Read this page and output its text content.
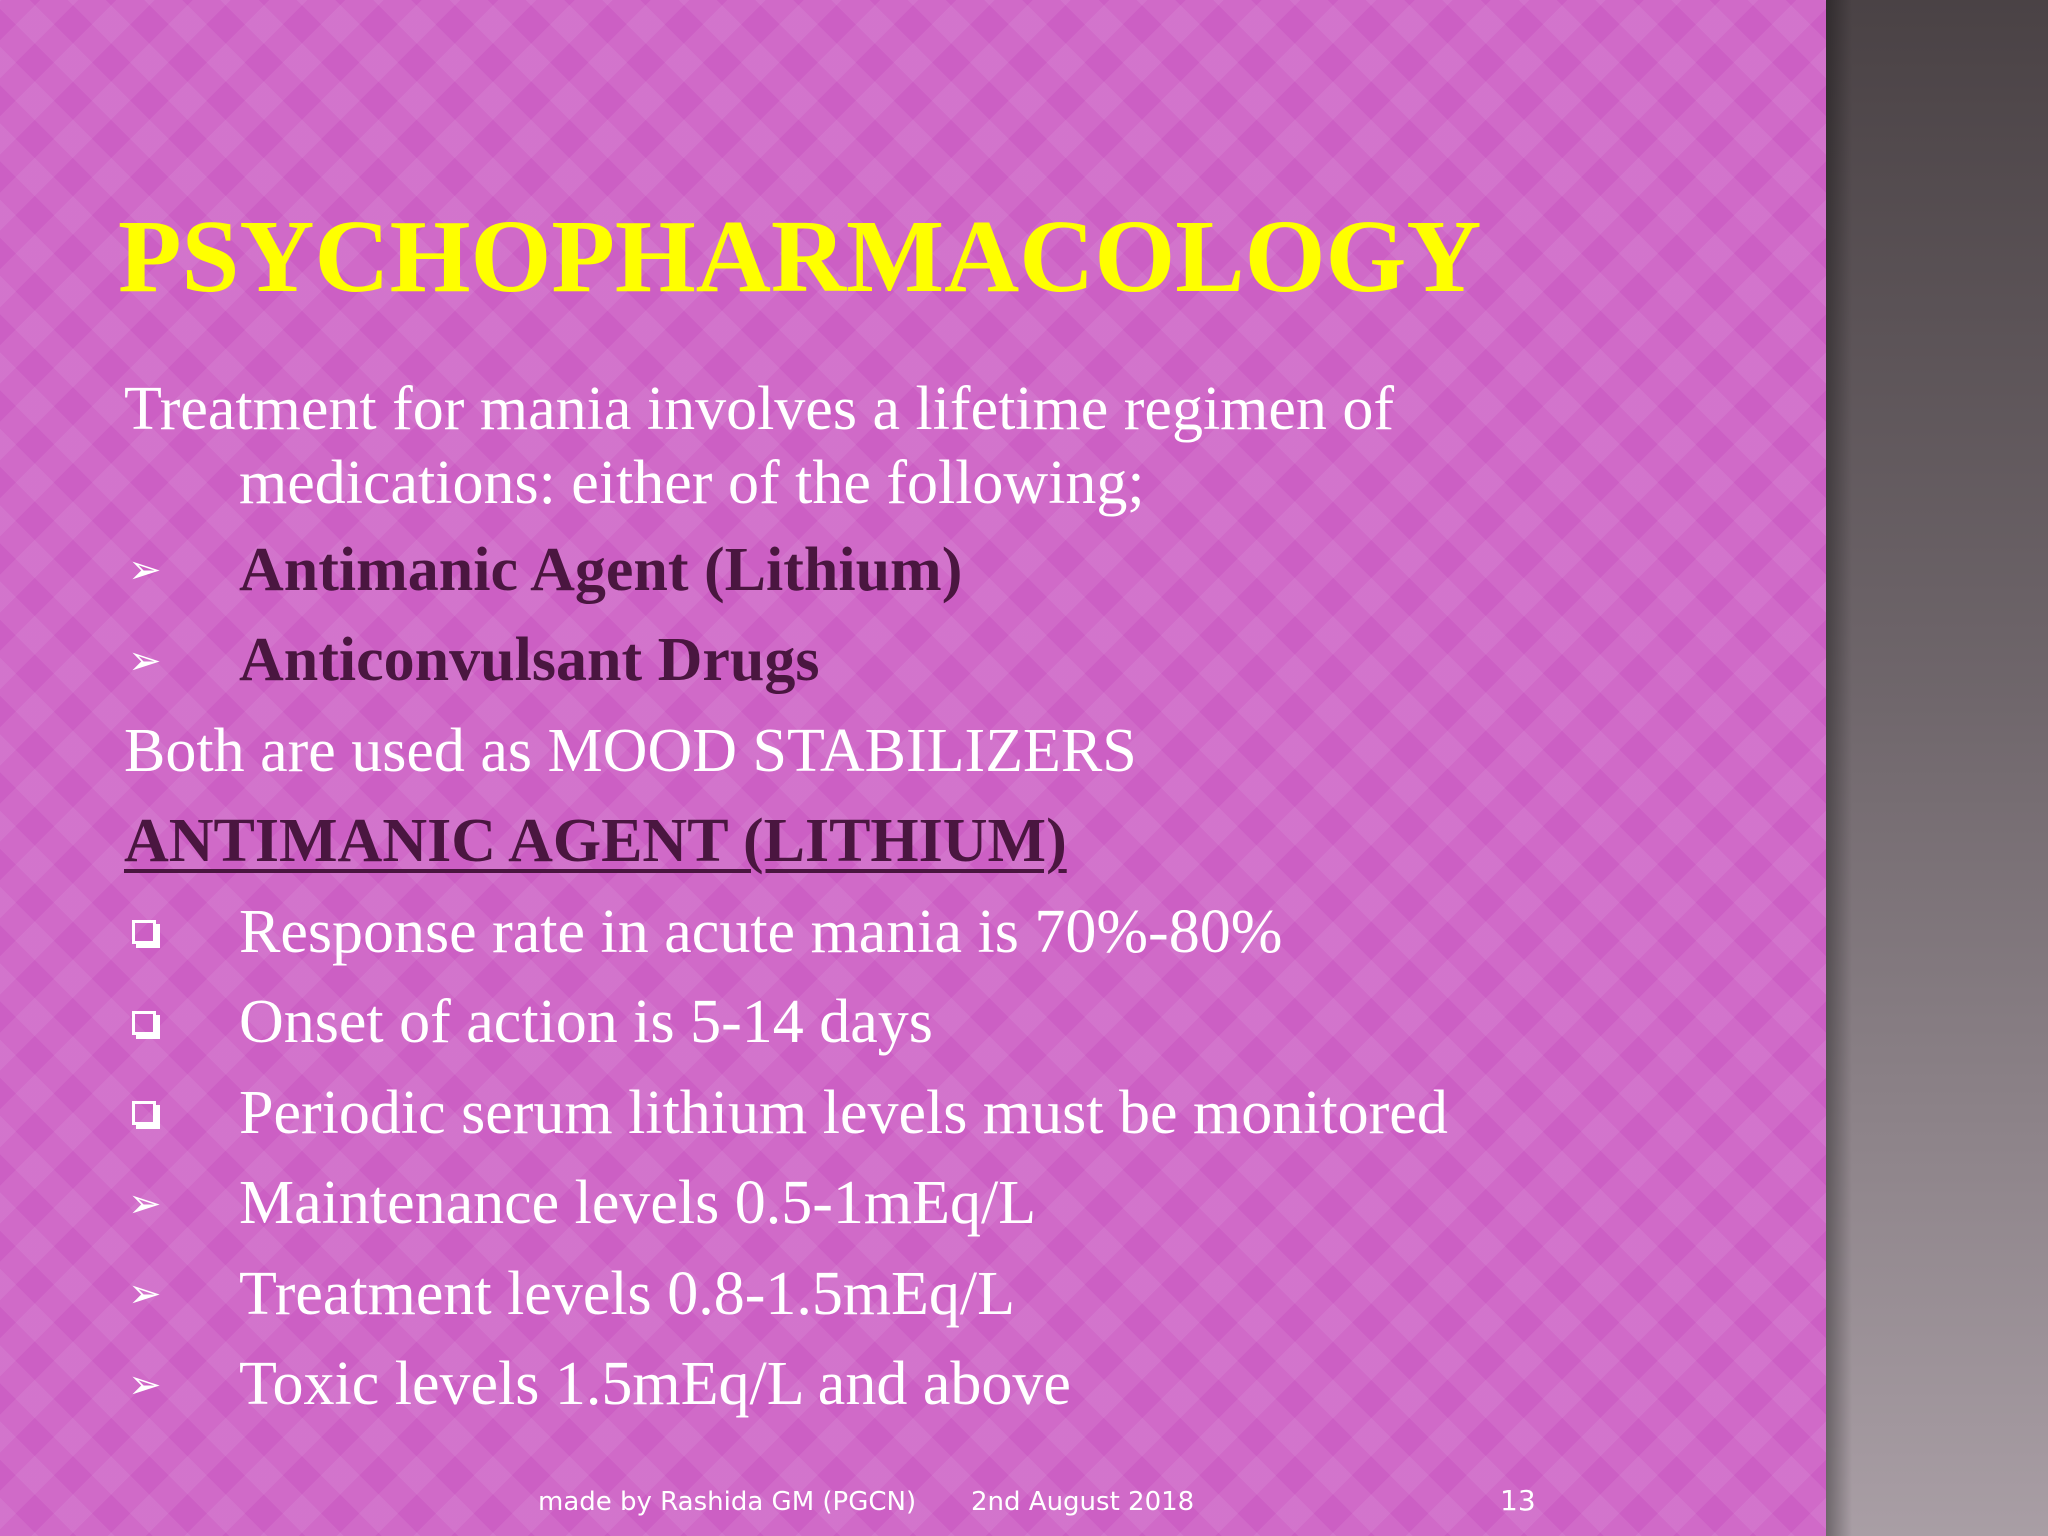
PSYCHOPHARMACOLOGY

Treatment for mania involves a lifetime regimen of medications: either of the following;

➢ Antimanic Agent (Lithium)
➢ Anticonvulsant Drugs
Both are used as MOOD STABILIZERS
ANTIMANIC AGENT (LITHIUM)
Response rate in acute mania is 70%-80%
Onset of action is 5-14 days
Periodic serum lithium levels must be monitored
➢ Maintenance levels 0.5-1mEq/L
➢ Treatment levels 0.8-1.5mEq/L
➢ Toxic levels 1.5mEq/L and above
made by Rashida GM (PGCN) 2nd August 2018	13
